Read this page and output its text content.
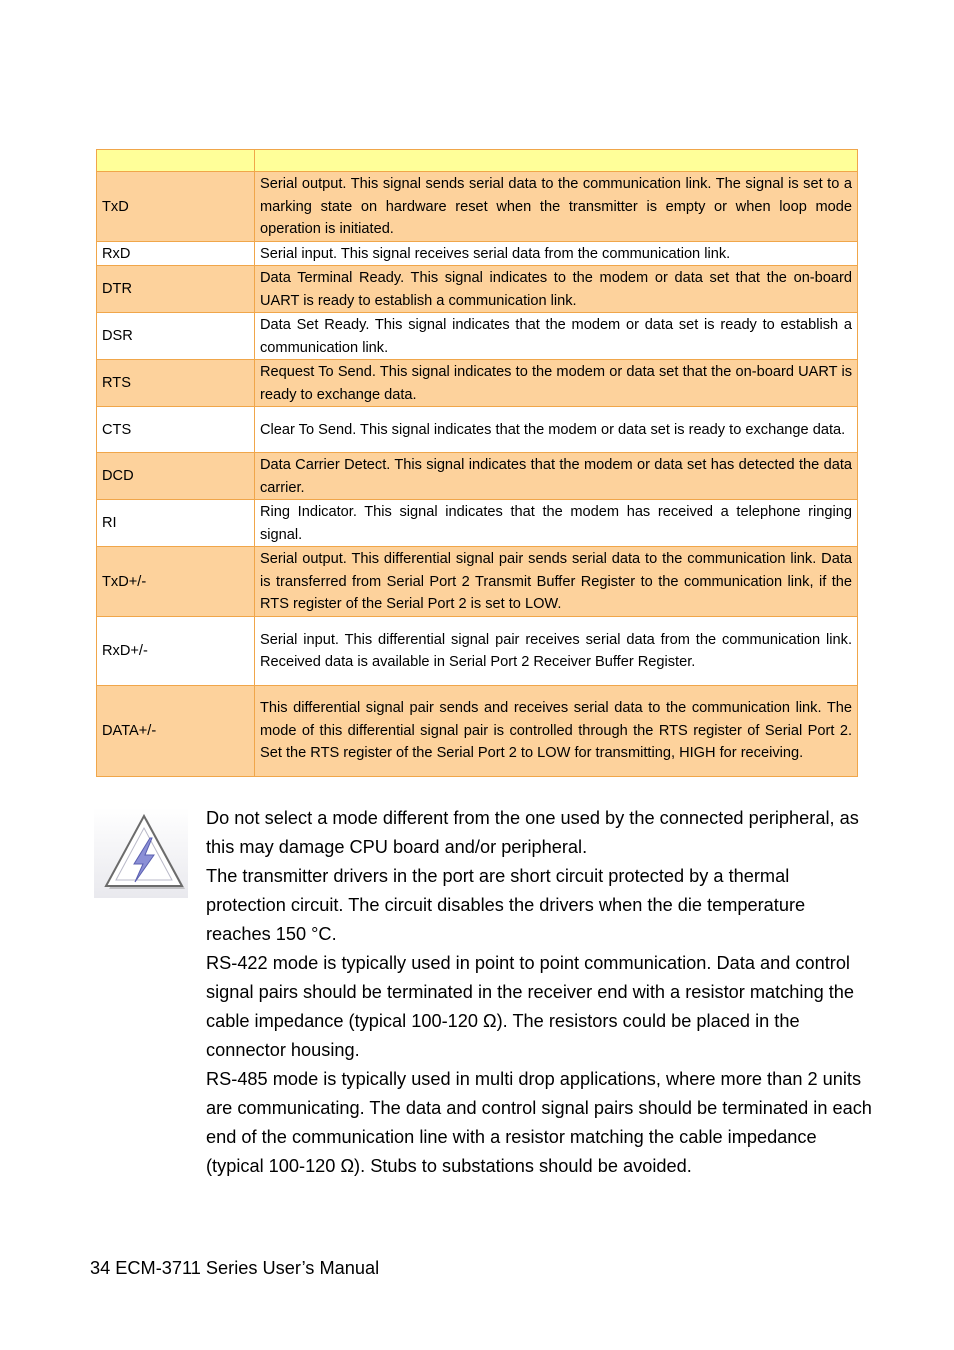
TxD	Serial output. This signal sends serial data to the communication link. The signal is set to a marking state on hardware reset when the transmitter is empty or when loop mode operation is initiated.
RxD	Serial input. This signal receives serial data from the communication link.
DTR	Data Terminal Ready. This signal indicates to the modem or data set that the on-board UART is ready to establish a communication link.
DSR	Data Set Ready. This signal indicates that the modem or data set is ready to establish a communication link.
RTS	Request To Send. This signal indicates to the modem or data set that the on-board UART is ready to exchange data.
CTS	Clear To Send. This signal indicates that the modem or data set is ready to exchange data.
DCD	Data Carrier Detect. This signal indicates that the modem or data set has detected the data carrier.
RI	Ring Indicator. This signal indicates that the modem has received a telephone ringing signal.
TxD+/-	Serial output. This differential signal pair sends serial data to the communication link. Data is transferred from Serial Port 2 Transmit Buffer Register to the communication link, if the RTS register of the Serial Port 2 is set to LOW.
RxD+/-	Serial input. This differential signal pair receives serial data from the communication link. Received data is available in Serial Port 2 Receiver Buffer Register.
DATA+/-	This differential signal pair sends and receives serial data to the communication link. The mode of this differential signal pair is controlled through the RTS register of Serial Port 2. Set the RTS register of the Serial Port 2 to LOW for transmitting, HIGH for receiving.

Do not select a mode different from the one used by the connected peripheral, as this may damage CPU board and/or peripheral.

The transmitter drivers in the port are short circuit protected by a thermal protection circuit. The circuit disables the drivers when the die temperature reaches 150 °C.

RS-422 mode is typically used in point to point communication. Data and control signal pairs should be terminated in the receiver end with a resistor matching the cable impedance (typical 100-120 Ω). The resistors could be placed in the connector housing.

RS-485 mode is typically used in multi drop applications, where more than 2 units are communicating. The data and control signal pairs should be terminated in each end of the communication line with a resistor matching the cable impedance (typical 100-120 Ω). Stubs to substations should be avoided.

34 ECM-3711 Series User’s Manual
